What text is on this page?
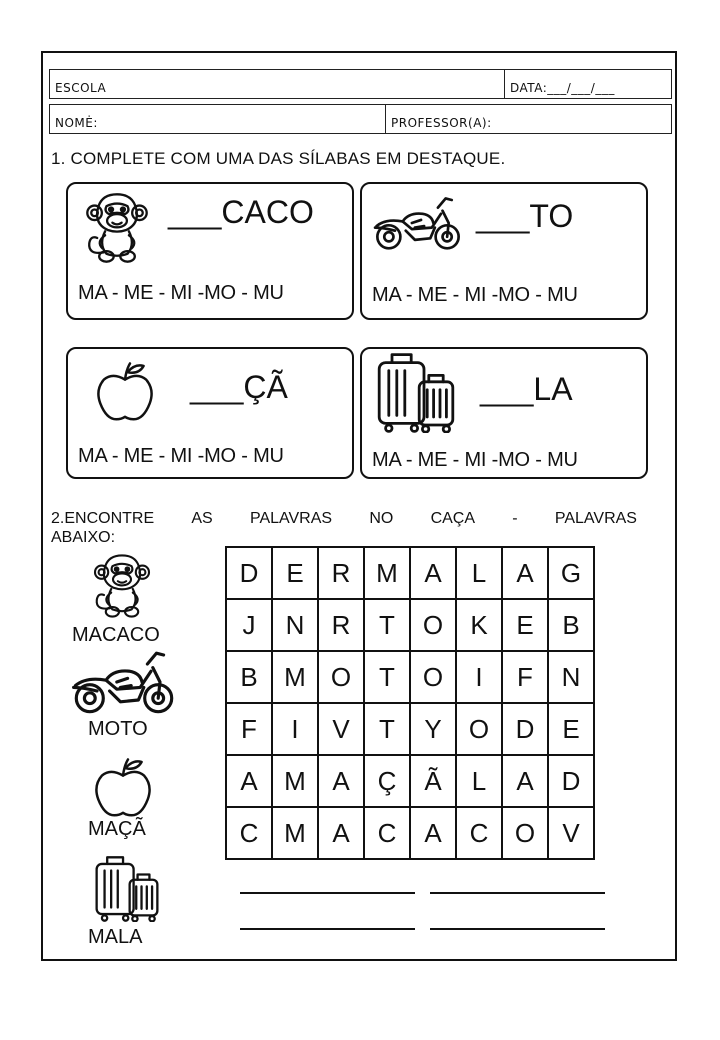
ESCOLA	DATA:___/___/___
NOMĖ:	PROFESSOR(A):
1. COMPLETE COM UMA DAS SÍLABAS EM DESTAQUE.
___CACO
MA - ME - MI -MO - MU
___TO
MA - ME - MI -MO - MU
___ÇÃ
MA - ME - MI -MO - MU
___LA
MA - ME - MI -MO - MU
2.ENCONTRE AS PALAVRAS NO CAÇA - PALAVRAS
ABAIXO:
D	E	R	M	A	L	A	G
J	N	R	T	O	K	E	B
B	M	O	T	O	I	F	N
F	I	V	T	Y	O	D	E
A	M	A	Ç	Ã	L	A	D
C	M	A	C	A	C	O	V
MACACO
MOTO
MAÇÃ
MALA
